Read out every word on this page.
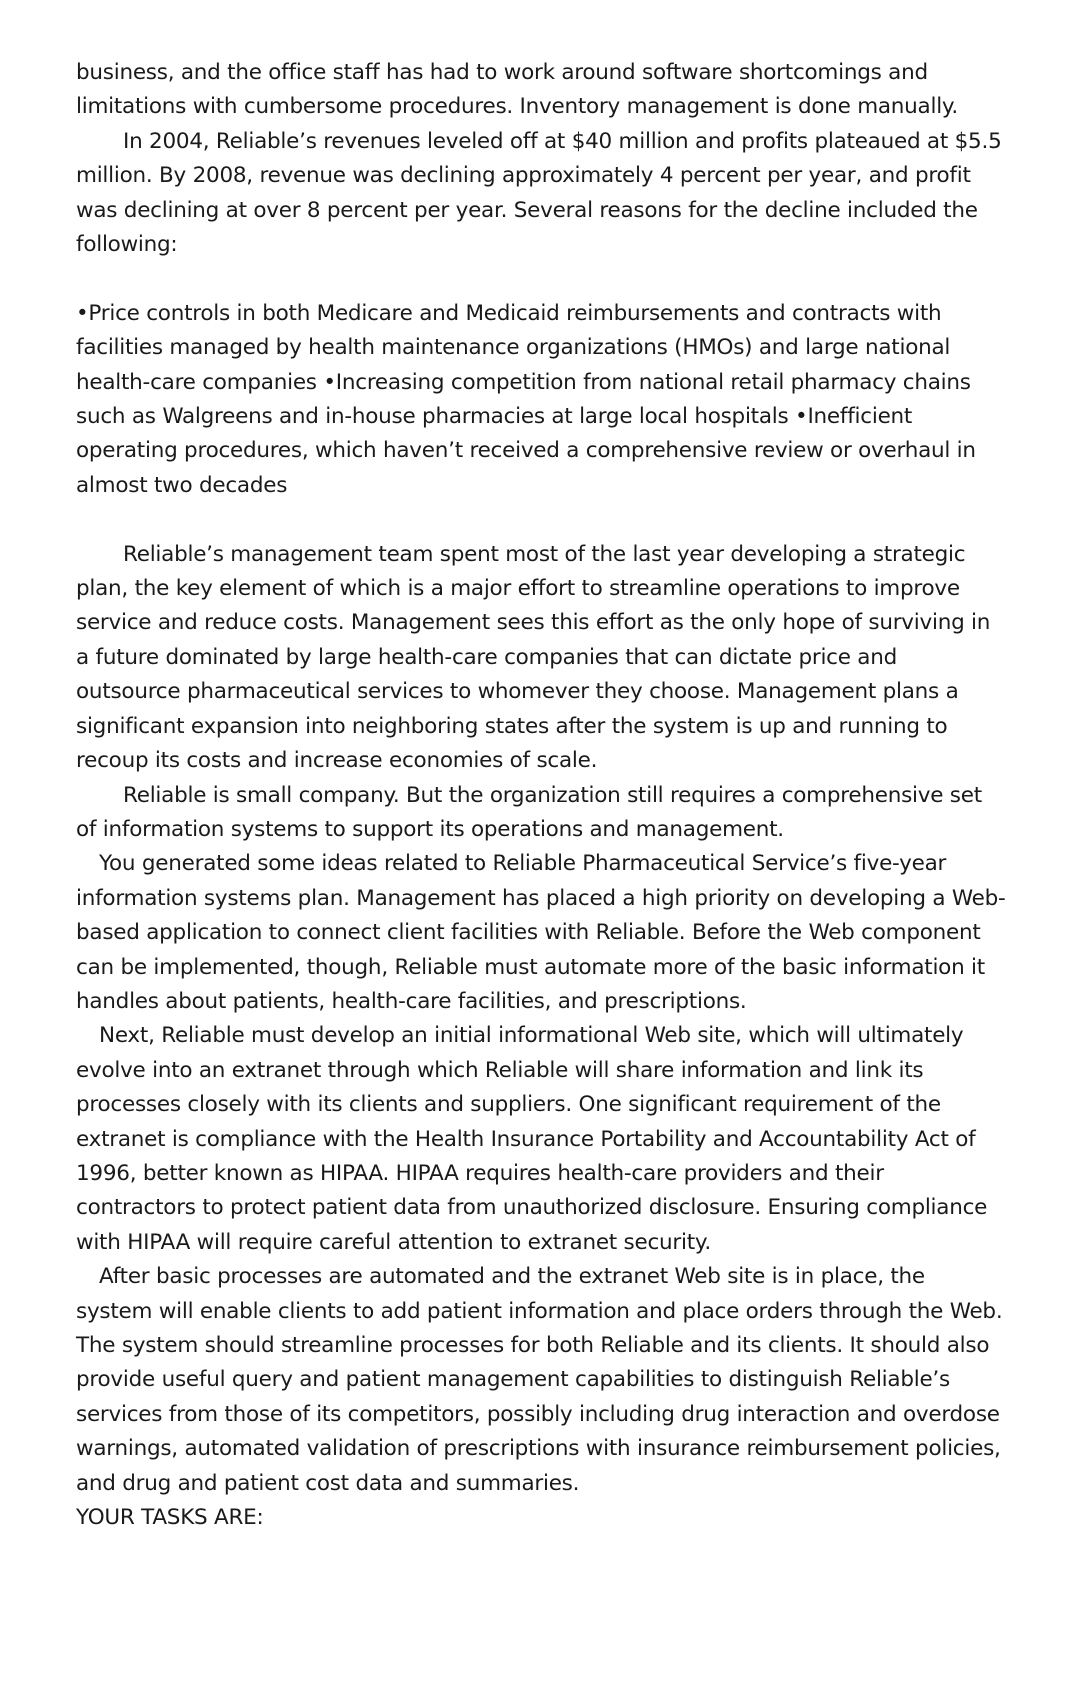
business, and the office staff has had to work around software shortcomings and limitations with cumbersome procedures. Inventory management is done manually.

In 2004, Reliable’s revenues leveled off at $40 million and profits plateaued at $5.5 million. By 2008, revenue was declining approximately 4 percent per year, and profit was declining at over 8 percent per year. Several reasons for the decline included the following:

•Price controls in both Medicare and Medicaid reimbursements and contracts with facilities managed by health maintenance organizations (HMOs) and large national health-care companies •Increasing competition from national retail pharmacy chains such as Walgreens and in-house pharmacies at large local hospitals •Inefficient operating procedures, which haven’t received a comprehensive review or overhaul in almost two decades

Reliable’s management team spent most of the last year developing a strategic plan, the key element of which is a major effort to streamline operations to improve service and reduce costs. Management sees this effort as the only hope of surviving in a future dominated by large health-care companies that can dictate price and outsource pharmaceutical services to whomever they choose. Management plans a significant expansion into neighboring states after the system is up and running to recoup its costs and increase economies of scale.

Reliable is small company. But the organization still requires a comprehensive set of information systems to support its operations and management.

You generated some ideas related to Reliable Pharmaceutical Service’s five-year information systems plan. Management has placed a high priority on developing a Web-based application to connect client facilities with Reliable. Before the Web component can be implemented, though, Reliable must automate more of the basic information it handles about patients, health-care facilities, and prescriptions.

Next, Reliable must develop an initial informational Web site, which will ultimately evolve into an extranet through which Reliable will share information and link its processes closely with its clients and suppliers. One significant requirement of the extranet is compliance with the Health Insurance Portability and Accountability Act of 1996, better known as HIPAA. HIPAA requires health-care providers and their contractors to protect patient data from unauthorized disclosure. Ensuring compliance with HIPAA will require careful attention to extranet security.

After basic processes are automated and the extranet Web site is in place, the system will enable clients to add patient information and place orders through the Web. The system should streamline processes for both Reliable and its clients. It should also provide useful query and patient management capabilities to distinguish Reliable’s services from those of its competitors, possibly including drug interaction and overdose warnings, automated validation of prescriptions with insurance reimbursement policies, and drug and patient cost data and summaries.

YOUR TASKS ARE:
